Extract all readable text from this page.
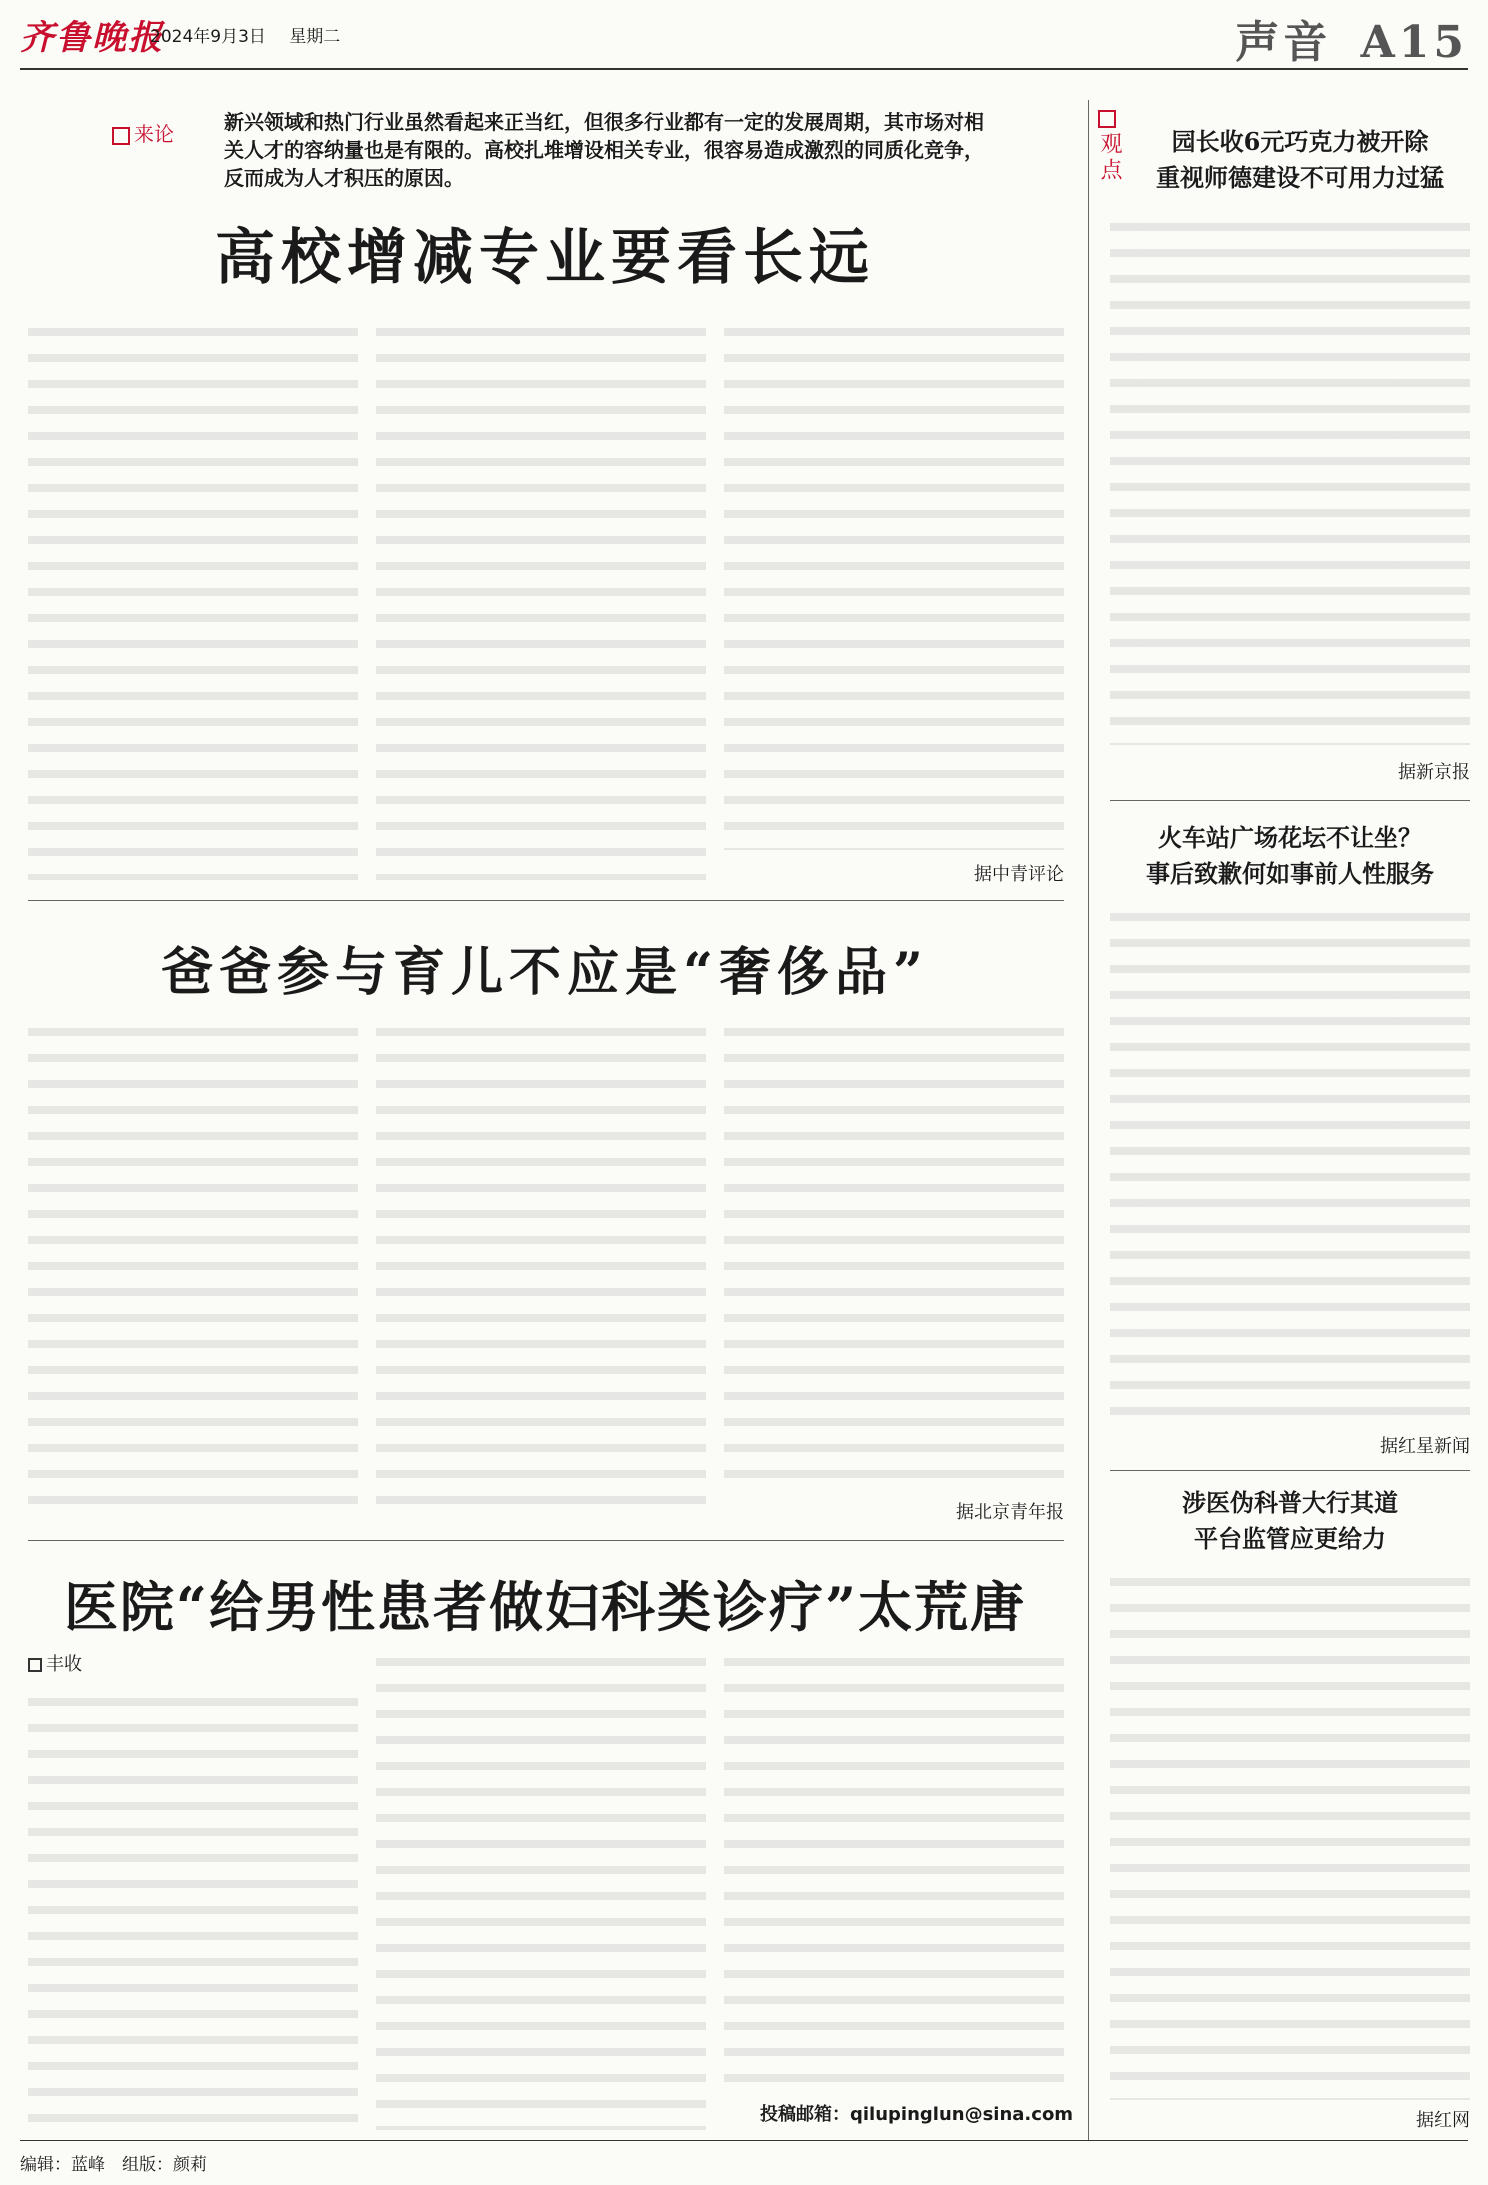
齐鲁晚报
2024年9月3日 星期二	声音 A15
来论	新兴领域和热门行业虽然看起来正当红，但很多行业都有一定的发展周期，其市场对相关人才的容纳量也是有限的。高校扎堆增设相关专业，很容易造成激烈的同质化竞争，反而成为人才积压的原因。
高校增减专业要看长远
据中青评论
爸爸参与育儿不应是“奢侈品”
据北京青年报
医院“给男性患者做妇科类诊疗”太荒唐
丰收
投稿邮箱：qilupinglun@sina.com
观点	园长收6元巧克力被开除
重视师德建设不可用力过猛
据新京报
火车站广场花坛不让坐？
事后致歉何如事前人性服务
据红星新闻
涉医伪科普大行其道
平台监管应更给力
据红网
编辑：蓝峰　组版：颜莉
